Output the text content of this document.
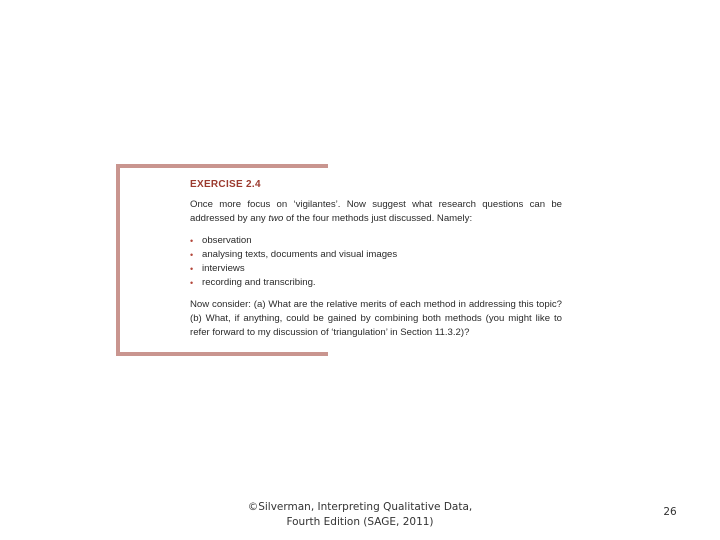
EXERCISE 2.4

Once more focus on ‘vigilantes’. Now suggest what research questions can be addressed by any two of the four methods just discussed. Namely:

• observation
• analysing texts, documents and visual images
• interviews
• recording and transcribing.

Now consider: (a) What are the relative merits of each method in addressing this topic? (b) What, if anything, could be gained by combining both methods (you might like to refer forward to my discussion of ‘triangulation’ in Section 11.3.2)?

©Silverman, Interpreting Qualitative Data,
Fourth Edition (SAGE, 2011)
26
